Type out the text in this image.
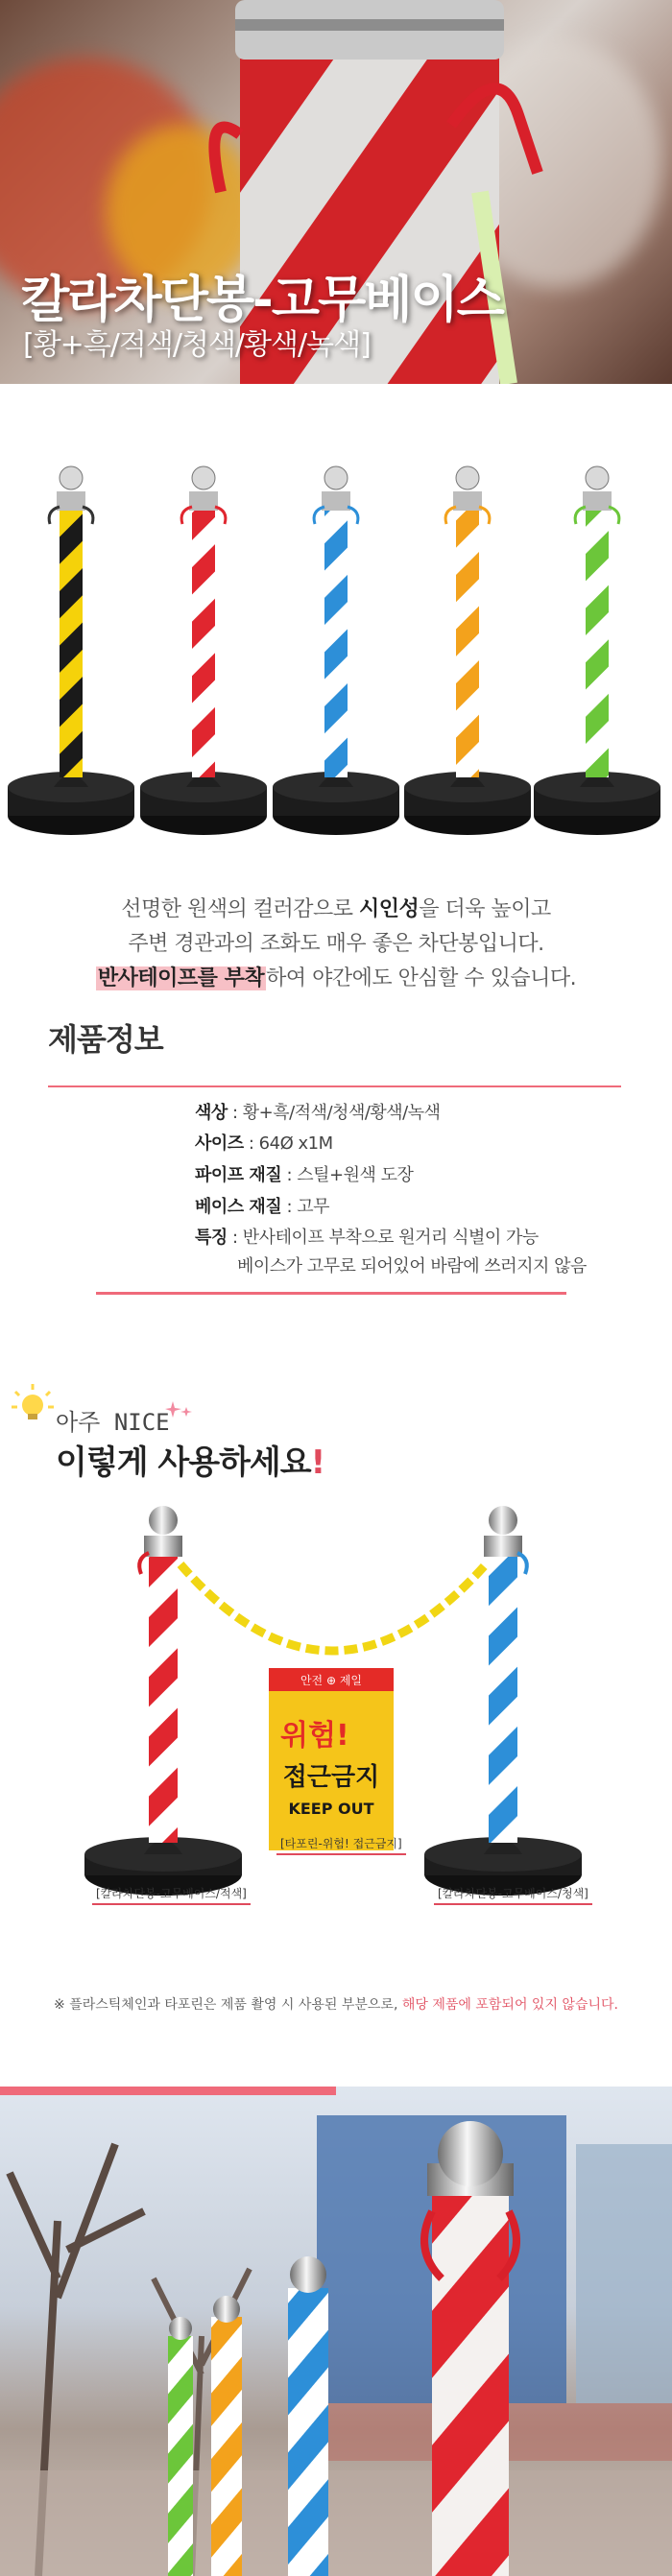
칼라차단봉-고무베이스
[황+흑/적색/청색/황색/녹색]
선명한 원색의 컬러감으로 시인성을 더욱 높이고
주변 경관과의 조화도 매우 좋은 차단봉입니다.
반사테이프를 부착하여 야간에도 안심할 수 있습니다.
제품정보
색상 : 황+흑/적색/청색/황색/녹색
사이즈 : 64Ø x1M
파이프 재질 : 스틸+원색 도장
베이스 재질 : 고무
특징 : 반사테이프 부착으로 원거리 식별이 가능
베이스가 고무로 되어있어 바람에 쓰러지지 않음
아주 NICE
이렇게 사용하세요!
안전 ⊕ 제일
위험!
접근금지
KEEP OUT
[칼라차단봉-고무베이스/적색]
[타포린-위험! 접근금지]
[칼라차단봉-고무베이스/청색]
※ 플라스틱체인과 타포린은 제품 촬영 시 사용된 부분으로, 해당 제품에 포함되어 있지 않습니다.
